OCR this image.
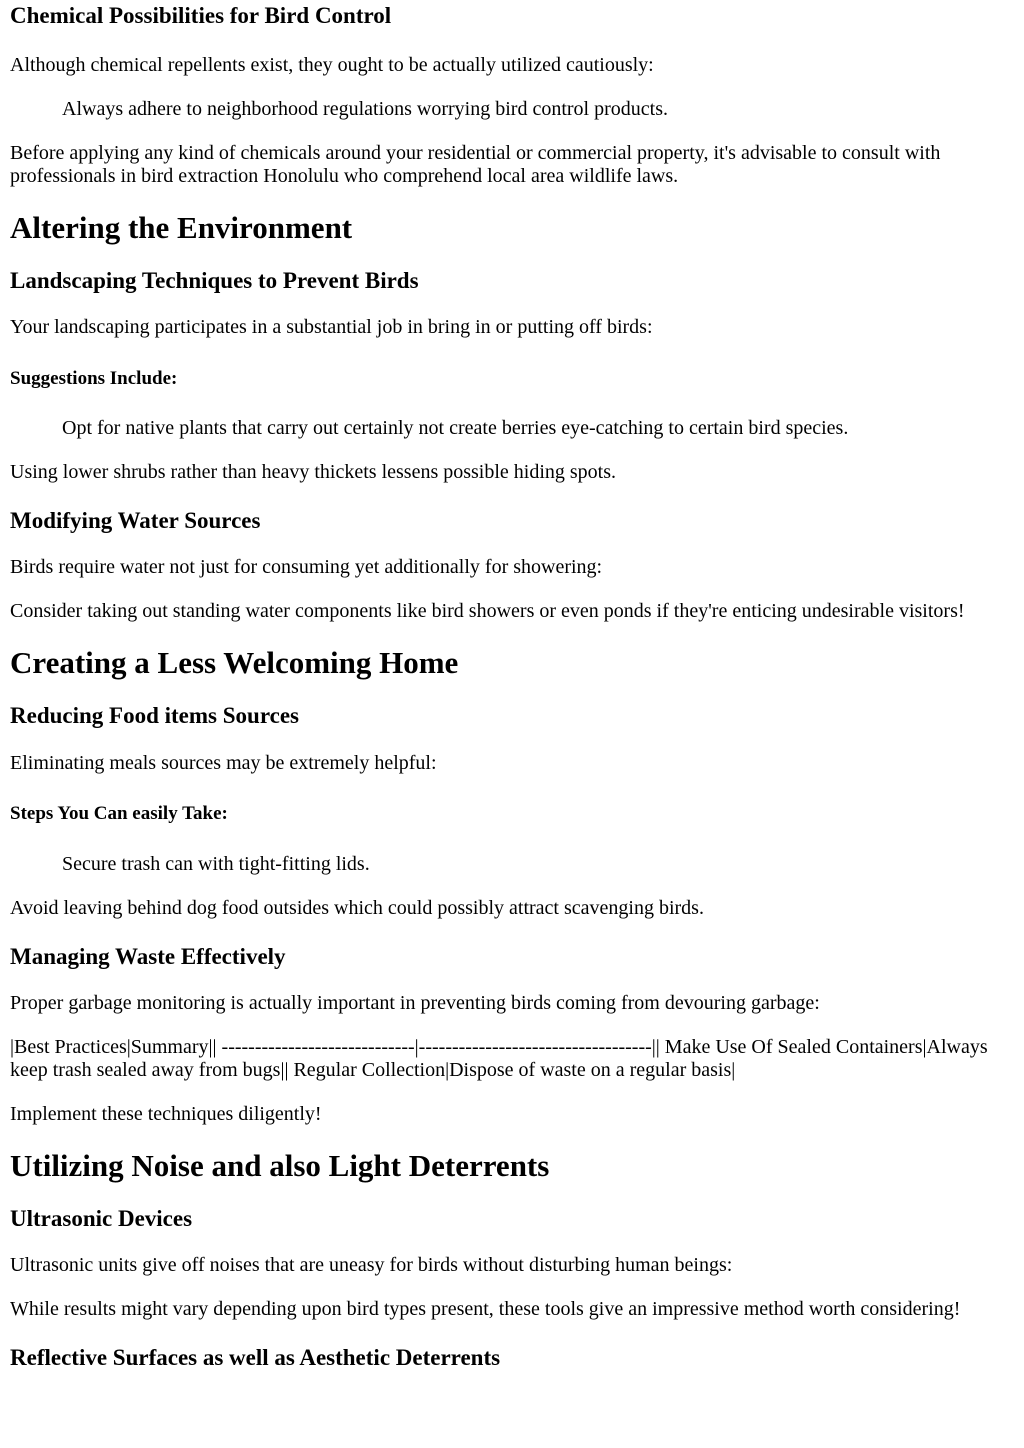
Chemical Possibilities for Bird Control

Although chemical repellents exist, they ought to be actually utilized cautiously:

Always adhere to neighborhood regulations worrying bird control products.

Before applying any kind of chemicals around your residential or commercial property, it's advisable to consult with professionals in bird extraction Honolulu who comprehend local area wildlife laws.

Altering the Environment
Landscaping Techniques to Prevent Birds

Your landscaping participates in a substantial job in bring in or putting off birds:

Suggestions Include:
Opt for native plants that carry out certainly not create berries eye-catching to certain bird species.

Using lower shrubs rather than heavy thickets lessens possible hiding spots.

Modifying Water Sources

Birds require water not just for consuming yet additionally for showering:

Consider taking out standing water components like bird showers or even ponds if they're enticing undesirable visitors!

Creating a Less Welcoming Home
Reducing Food items Sources

Eliminating meals sources may be extremely helpful:

Steps You Can easily Take:
Secure trash can with tight-fitting lids.

Avoid leaving behind dog food outsides which could possibly attract scavenging birds.

Managing Waste Effectively

Proper garbage monitoring is actually important in preventing birds coming from devouring garbage:

|Best Practices|Summary|| -----------------------------|-----------------------------------|| Make Use Of Sealed Containers|Always keep trash sealed away from bugs|| Regular Collection|Dispose of waste on a regular basis|

Implement these techniques diligently!

Utilizing Noise and also Light Deterrents
Ultrasonic Devices

Ultrasonic units give off noises that are uneasy for birds without disturbing human beings:

While results might vary depending upon bird types present, these tools give an impressive method worth considering!

Reflective Surfaces as well as Aesthetic Deterrents
